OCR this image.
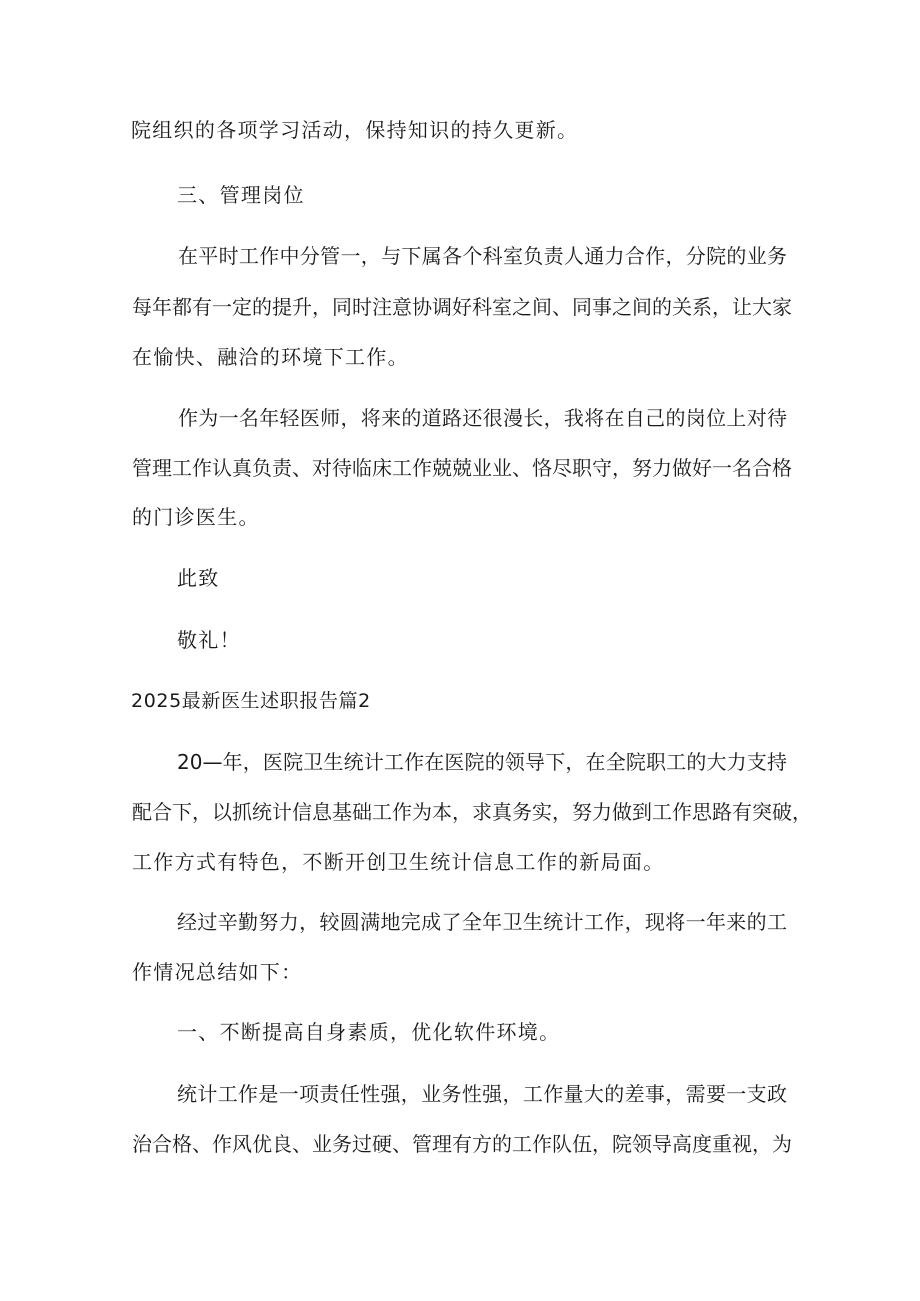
院组织的各项学习活动，保持知识的持久更新。
三、管理岗位
在平时工作中分管一，与下属各个科室负责人通力合作，分院的业务
每年都有一定的提升，同时注意协调好科室之间、同事之间的关系，让大家
在愉快、融洽的环境下工作。
作为一名年轻医师，将来的道路还很漫长，我将在自己的岗位上对待
管理工作认真负责、对待临床工作兢兢业业、恪尽职守，努力做好一名合格
的门诊医生。
此致
敬礼！
2025最新医生述职报告篇2
20—年，医院卫生统计工作在医院的领导下，在全院职工的大力支持
配合下，以抓统计信息基础工作为本，求真务实，努力做到工作思路有突破，
工作方式有特色，不断开创卫生统计信息工作的新局面。
经过辛勤努力，较圆满地完成了全年卫生统计工作，现将一年来的工
作情况总结如下：
一、不断提高自身素质，优化软件环境。
统计工作是一项责任性强，业务性强，工作量大的差事，需要一支政
治合格、作风优良、业务过硬、管理有方的工作队伍，院领导高度重视，为
